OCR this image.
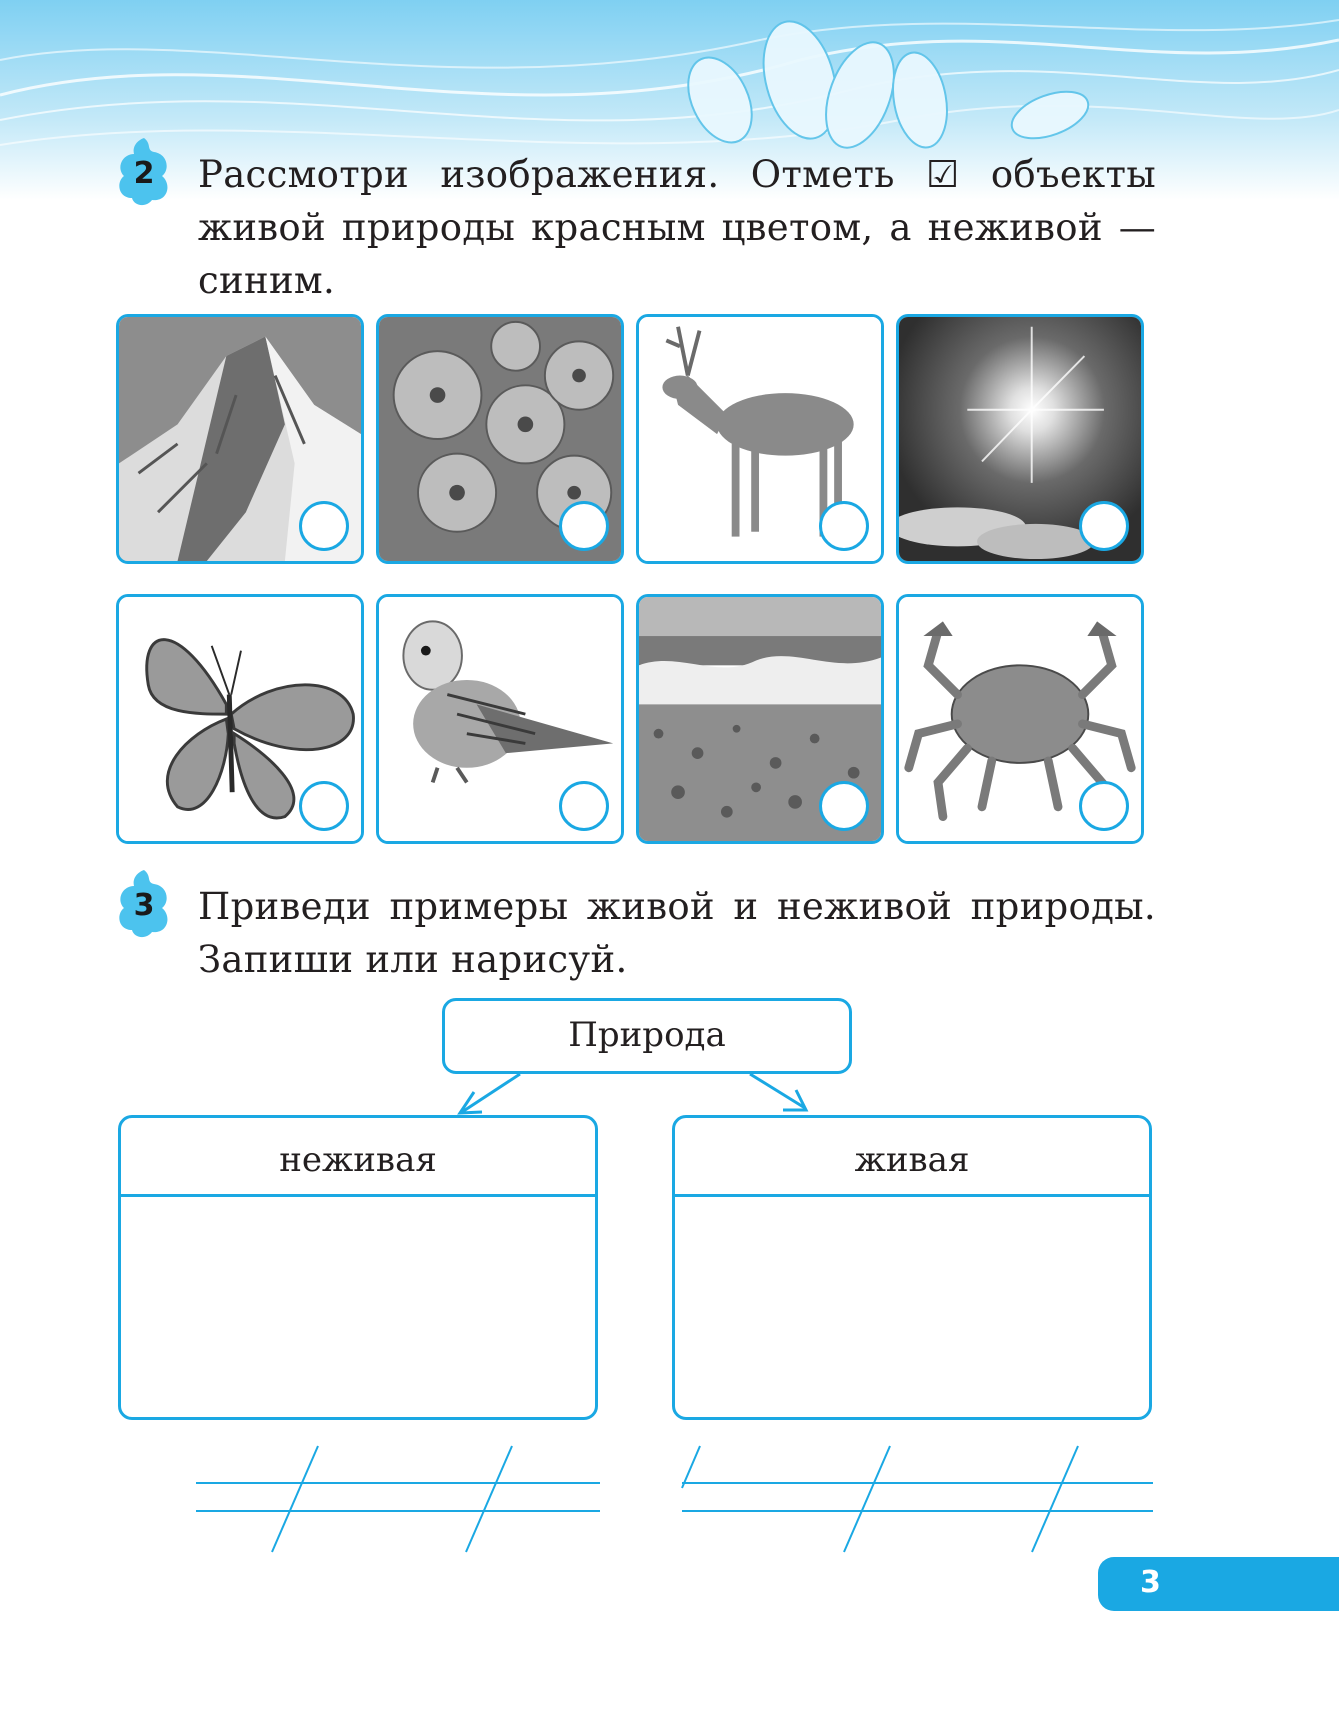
2	Рассмотри изображения. Отметь ☑ объекты живой природы красным цветом, а неживой — синим.
3	Приведи примеры живой и неживой природы. Запиши или нарисуй.
Природа
неживая	живая
3
